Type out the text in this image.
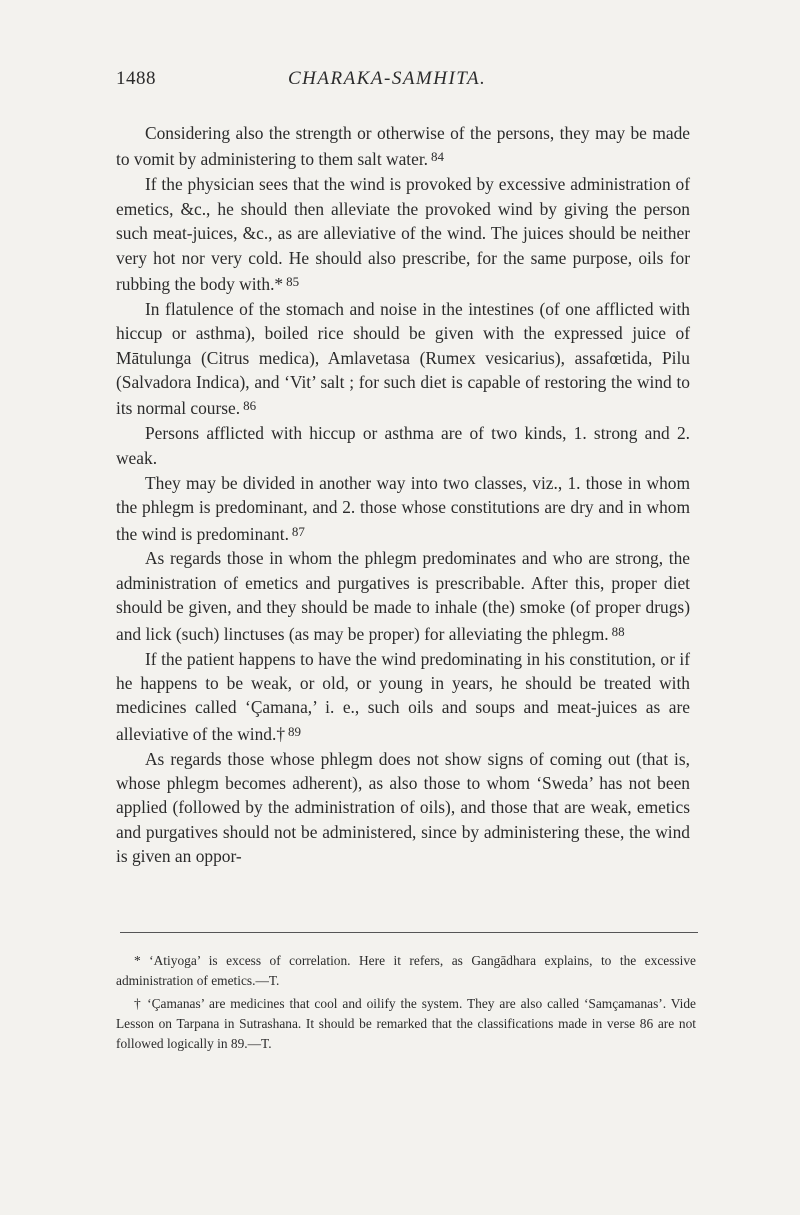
1488	CHARAKA-SAMHITA.

Considering also the strength or otherwise of the persons, they may be made to vomit by administering to them salt water. $^{84}$

If the physician sees that the wind is provoked by excessive administration of emetics, &c., he should then alleviate the provoked wind by giving the person such meat-juices, &c., as are alleviative of the wind. The juices should be neither very hot nor very cold. He should also prescribe, for the same purpose, oils for rubbing the body with.* $^{85}$

In flatulence of the stomach and noise in the intestines (of one afflicted with hiccup or asthma), boiled rice should be given with the expressed juice of Mātulunga (Citrus medica), Amlavetasa (Rumex vesicarius), assafœtida, Pilu (Salvadora Indica), and ‘Vit’ salt ; for such diet is capable of restoring the wind to its normal course. $^{86}$

Persons afflicted with hiccup or asthma are of two kinds, 1. strong and 2. weak.

They may be divided in another way into two classes, viz., 1. those in whom the phlegm is predominant, and 2. those whose constitutions are dry and in whom the wind is predominant. $^{87}$

As regards those in whom the phlegm predominates and who are strong, the administration of emetics and purgatives is prescribable. After this, proper diet should be given, and they should be made to inhale (the) smoke (of proper drugs) and lick (such) linctuses (as may be proper) for alleviating the phlegm. $^{88}$

If the patient happens to have the wind predominating in his constitution, or if he happens to be weak, or old, or young in years, he should be treated with medicines called ‘Çamana,’ i. e., such oils and soups and meat-juices as are alleviative of the wind.† $^{89}$

As regards those whose phlegm does not show signs of coming out (that is, whose phlegm becomes adherent), as also those to whom ‘Sweda’ has not been applied (followed by the administration of oils), and those that are weak, emetics and purgatives should not be administered, since by administering these, the wind is given an oppor-

* ‘Atiyoga’ is excess of correlation. Here it refers, as Gangādhara explains, to the excessive administration of emetics.—T.

† ‘Çamanas’ are medicines that cool and oilify the system. They are also called ‘Samçamanas’. Vide Lesson on Tarpana in Sutrashana. It should be remarked that the classifications made in verse 86 are not followed logically in 89.—T.
